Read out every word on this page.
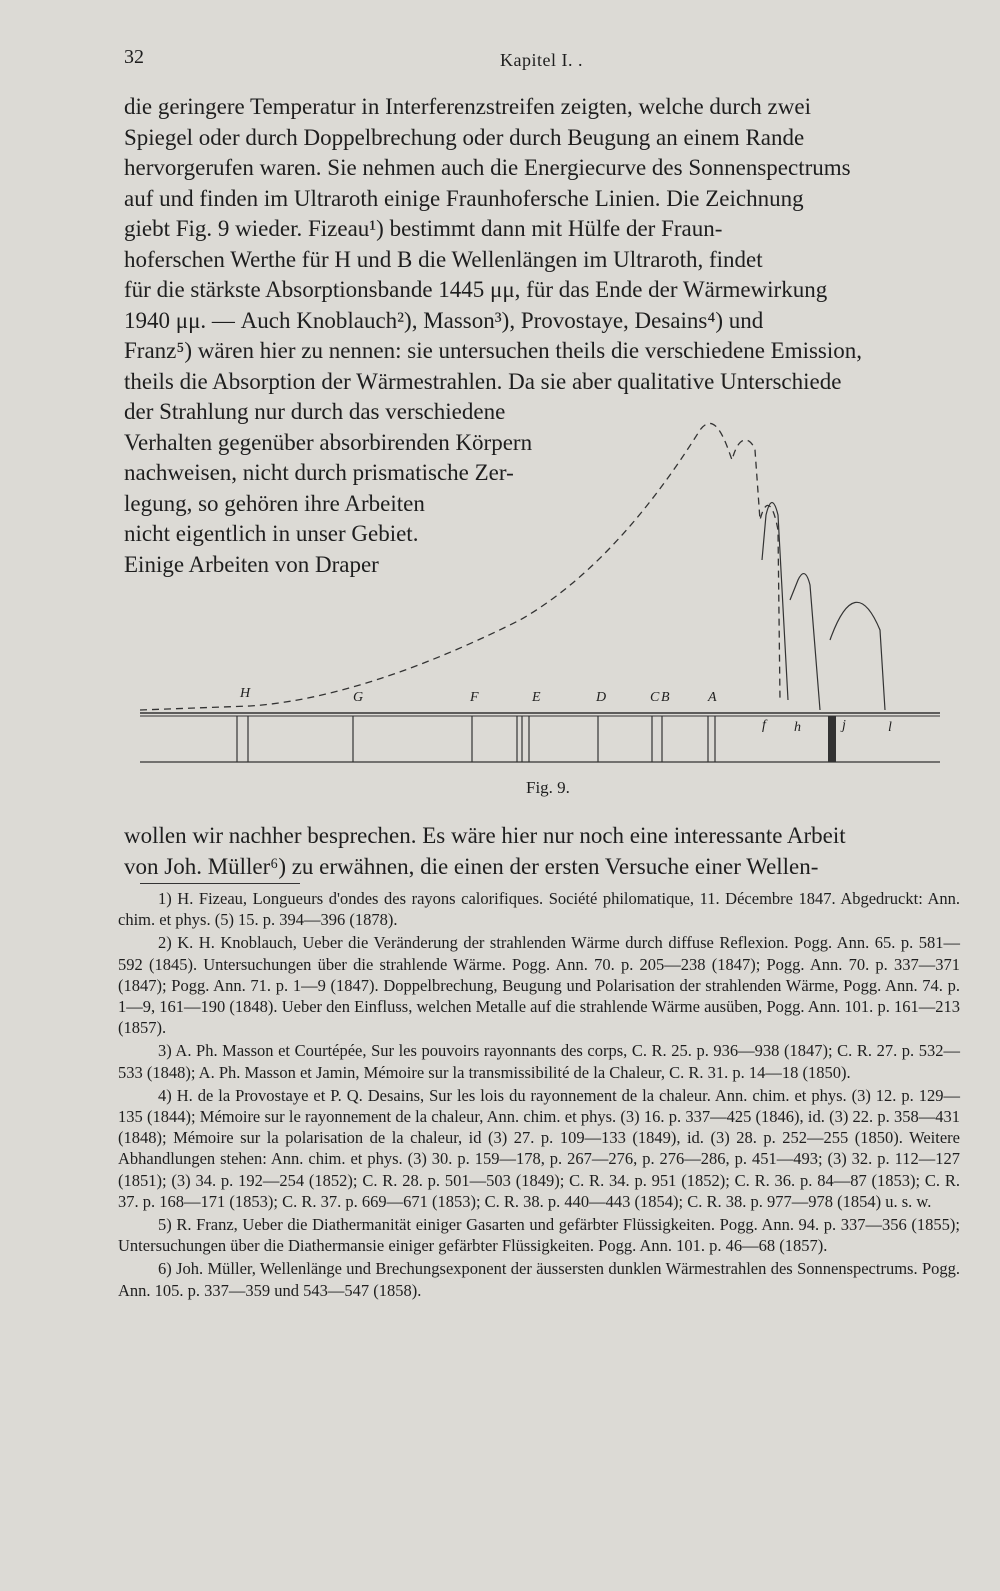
32	Kapitel I. .

die geringere Temperatur in Interferenzstreifen zeigten, welche durch zwei

Spiegel oder durch Doppelbrechung oder durch Beugung an einem Rande

hervorgerufen waren. Sie nehmen auch die Energiecurve des Sonnenspectrums

auf und finden im Ultraroth einige Fraunhofersche Linien. Die Zeichnung

giebt Fig. 9 wieder. Fizeau¹) bestimmt dann mit Hülfe der Fraun-

hoferschen Werthe für H und B die Wellenlängen im Ultraroth, findet

für die stärkste Absorptionsbande 1445 μμ, für das Ende der Wärmewirkung

1940 μμ. — Auch Knoblauch²), Masson³), Provostaye, Desains⁴) und

Franz⁵) wären hier zu nennen: sie untersuchen theils die verschiedene Emission,

theils die Absorption der Wärmestrahlen. Da sie aber qualitative Unterschiede

der Strahlung nur durch das verschiedene
Verhalten gegenüber absorbirenden Körpern
nachweisen, nicht durch prismatische Zer-
legung, so gehören ihre Arbeiten
nicht eigentlich in unser Gebiet.
Einige Arbeiten von Draper
H	G	F	E	D	C B	A
f h	j	l
Fig. 9.

wollen wir nachher besprechen. Es wäre hier nur noch eine interessante Arbeit

von Joh. Müller⁶) zu erwähnen, die einen der ersten Versuche einer Wellen-

1) H. Fizeau, Longueurs d'ondes des rayons calorifiques. Société philomatique, 11. Décembre 1847. Abgedruckt: Ann. chim. et phys. (5) 15. p. 394—396 (1878).

2) K. H. Knoblauch, Ueber die Veränderung der strahlenden Wärme durch diffuse Reflexion. Pogg. Ann. 65. p. 581—592 (1845). Untersuchungen über die strahlende Wärme. Pogg. Ann. 70. p. 205—238 (1847); Pogg. Ann. 70. p. 337—371 (1847); Pogg. Ann. 71. p. 1—9 (1847). Doppelbrechung, Beugung und Polarisation der strahlenden Wärme, Pogg. Ann. 74. p. 1—9, 161—190 (1848). Ueber den Einfluss, welchen Metalle auf die strahlende Wärme ausüben, Pogg. Ann. 101. p. 161—213 (1857).

3) A. Ph. Masson et Courtépée, Sur les pouvoirs rayonnants des corps, C. R. 25. p. 936—938 (1847); C. R. 27. p. 532—533 (1848); A. Ph. Masson et Jamin, Mémoire sur la transmissibilité de la Chaleur, C. R. 31. p. 14—18 (1850).

4) H. de la Provostaye et P. Q. Desains, Sur les lois du rayonnement de la chaleur. Ann. chim. et phys. (3) 12. p. 129—135 (1844); Mémoire sur le rayonnement de la chaleur, Ann. chim. et phys. (3) 16. p. 337—425 (1846), id. (3) 22. p. 358—431 (1848); Mémoire sur la polarisation de la chaleur, id (3) 27. p. 109—133 (1849), id. (3) 28. p. 252—255 (1850). Weitere Abhandlungen stehen: Ann. chim. et phys. (3) 30. p. 159—178, p. 267—276, p. 276—286, p. 451—493; (3) 32. p. 112—127 (1851); (3) 34. p. 192—254 (1852); C. R. 28. p. 501—503 (1849); C. R. 34. p. 951 (1852); C. R. 36. p. 84—87 (1853); C. R. 37. p. 168—171 (1853); C. R. 37. p. 669—671 (1853); C. R. 38. p. 440—443 (1854); C. R. 38. p. 977—978 (1854) u. s. w.

5) R. Franz, Ueber die Diathermanität einiger Gasarten und gefärbter Flüssigkeiten. Pogg. Ann. 94. p. 337—356 (1855); Untersuchungen über die Diathermansie einiger gefärbter Flüssigkeiten. Pogg. Ann. 101. p. 46—68 (1857).

6) Joh. Müller, Wellenlänge und Brechungsexponent der äussersten dunklen Wärmestrahlen des Sonnenspectrums. Pogg. Ann. 105. p. 337—359 und 543—547 (1858).
